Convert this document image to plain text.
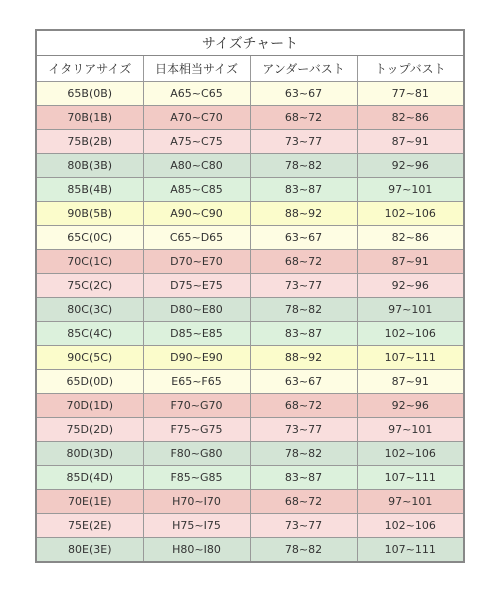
サイズチャート			
イタリアサイズ	日本相当サイズ	アンダーバスト	トップバスト
65B(0B)	A65~C65	63~67	77~81
70B(1B)	A70~C70	68~72	82~86
75B(2B)	A75~C75	73~77	87~91
80B(3B)	A80~C80	78~82	92~96
85B(4B)	A85~C85	83~87	97~101
90B(5B)	A90~C90	88~92	102~106
65C(0C)	C65~D65	63~67	82~86
70C(1C)	D70~E70	68~72	87~91
75C(2C)	D75~E75	73~77	92~96
80C(3C)	D80~E80	78~82	97~101
85C(4C)	D85~E85	83~87	102~106
90C(5C)	D90~E90	88~92	107~111
65D(0D)	E65~F65	63~67	87~91
70D(1D)	F70~G70	68~72	92~96
75D(2D)	F75~G75	73~77	97~101
80D(3D)	F80~G80	78~82	102~106
85D(4D)	F85~G85	83~87	107~111
70E(1E)	H70~I70	68~72	97~101
75E(2E)	H75~I75	73~77	102~106
80E(3E)	H80~I80	78~82	107~111
